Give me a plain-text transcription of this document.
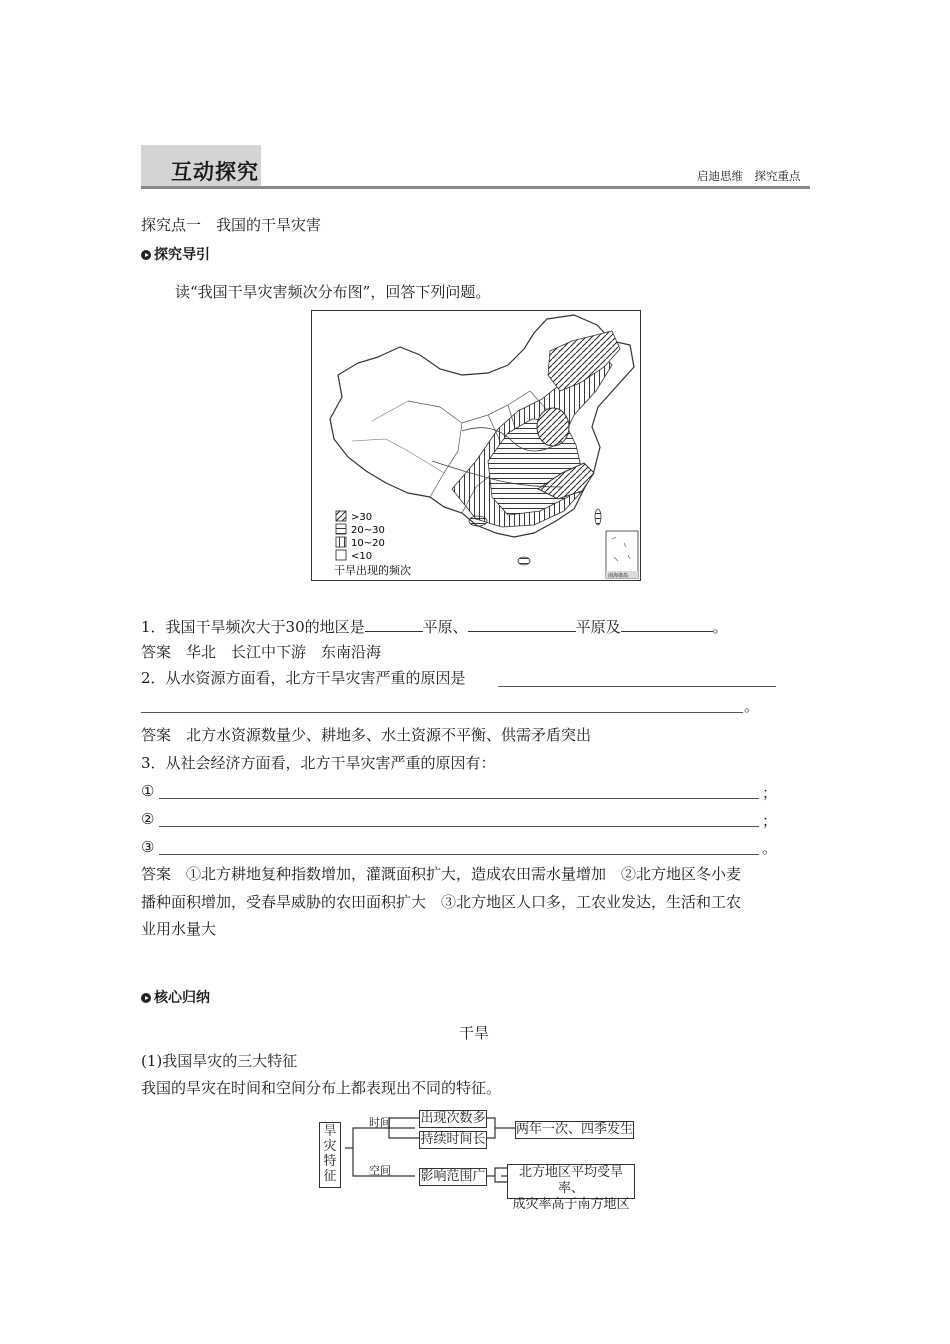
互动探究	启迪思维　探究重点
探究点一　我国的干旱灾害
探究导引
读“我国干旱灾害频次分布图”，回答下列问题。
>30
20~30
10~20
<10
干旱出现的频次	南海诸岛
1．我国干旱频次大于30的地区是	平原、	平原及	。
答案　 华北　长江中下游　东南沿海
2．从水资源方面看，北方干旱灾害严重的原因是
。
答案　 北方水资源数量少、耕地多、水土资源不平衡、供需矛盾突出
3．从社会经济方面看，北方干旱灾害严重的原因有：
①	；
②	；
③	。
答案　 ①北方耕地复种指数增加，灌溉面积扩大，造成农田需水量增加　②北方地区冬小麦
播种面积增加，受春旱威胁的农田面积扩大　③北方地区人口多，工农业发达，生活和工农
业用水量大
核心归纳
干旱
(1)我国旱灾的三大特征
我国的旱灾在时间和空间分布上都表现出不同的特征。
旱灾特征
时间
空间
出现次数多
持续时间长
两年一次、四季发生
影响范围广	北方地区平均受旱率、
成灾率高于南方地区
